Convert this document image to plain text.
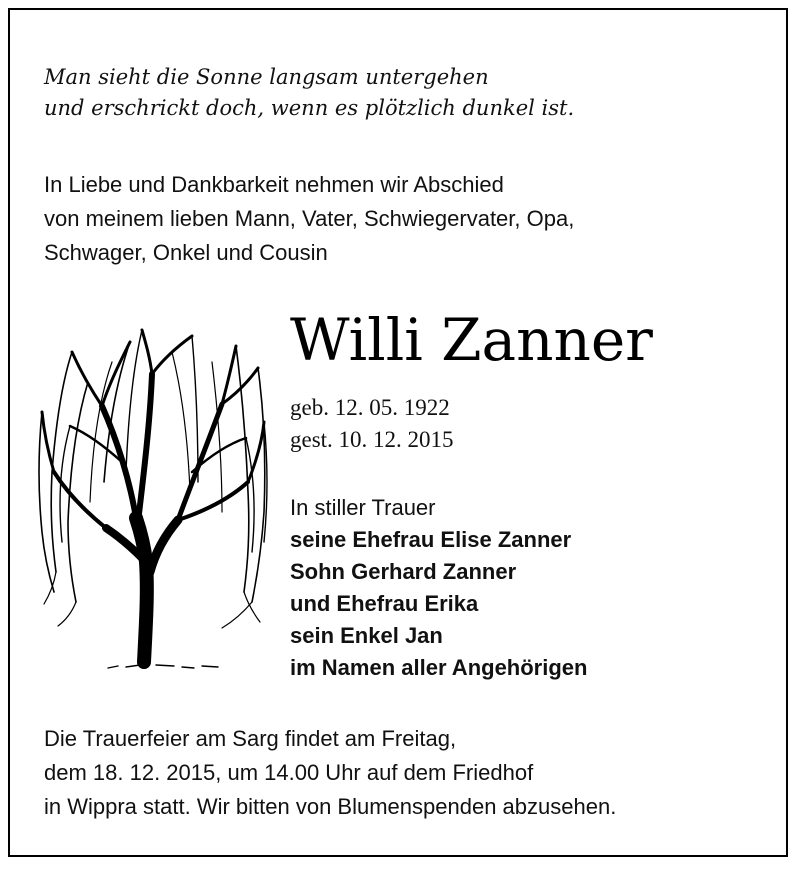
Man sieht die Sonne langsam untergehen
und erschrickt doch, wenn es plötzlich dunkel ist.

In Liebe und Dankbarkeit nehmen wir Abschied
von meinem lieben Mann, Vater, Schwiegervater, Opa,
Schwager, Onkel und Cousin

Willi Zanner
geb. 12. 05. 1922
gest. 10. 12. 2015
In stiller Trauer
seine Ehefrau Elise Zanner
Sohn Gerhard Zanner
und Ehefrau Erika
sein Enkel Jan
im Namen aller Angehörigen

Die Trauerfeier am Sarg findet am Freitag,
dem 18. 12. 2015, um 14.00 Uhr auf dem Friedhof
in Wippra statt. Wir bitten von Blumenspenden abzusehen.
